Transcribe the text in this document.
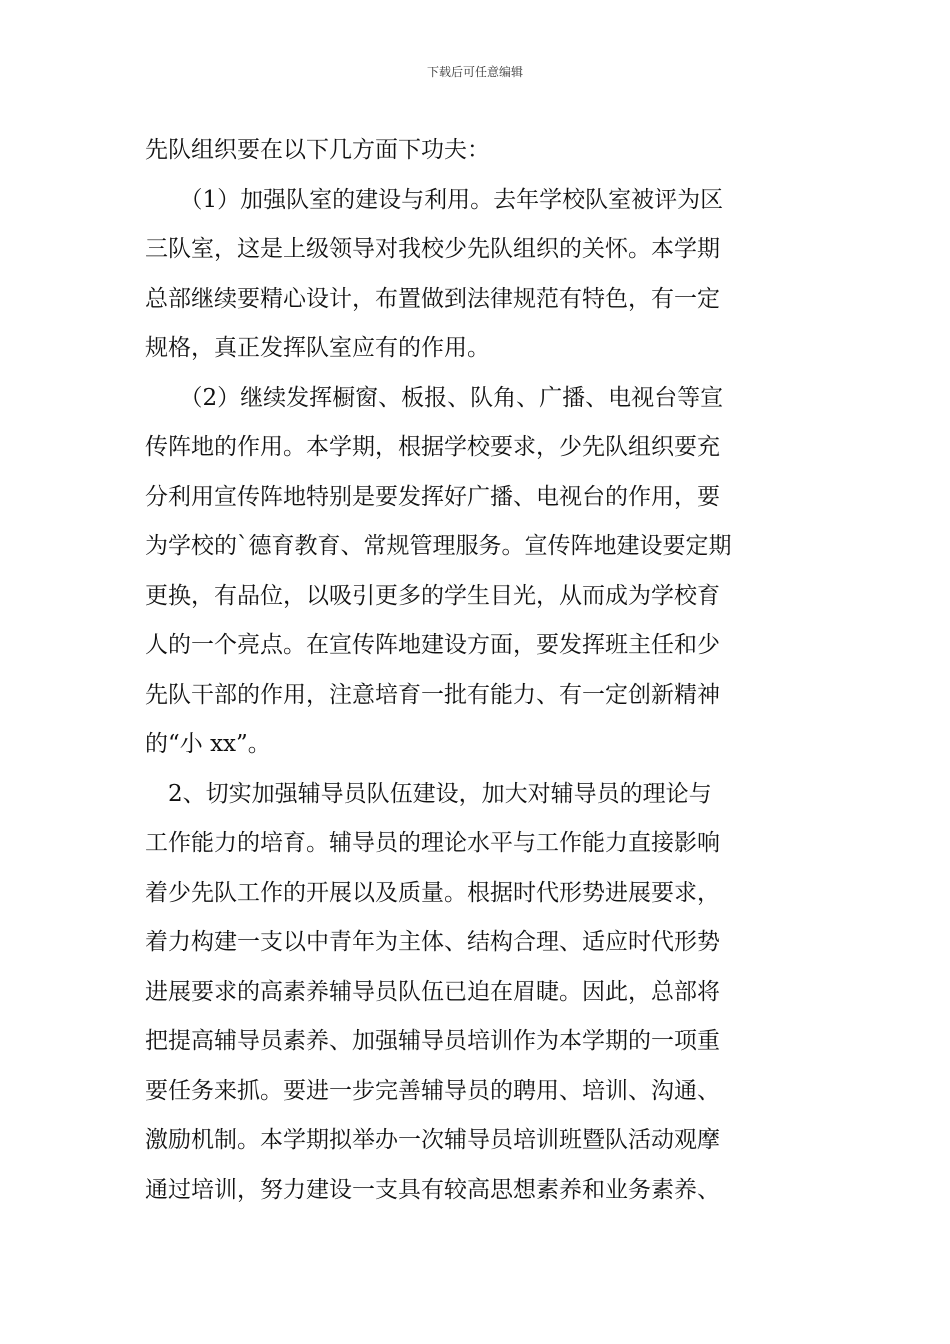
下载后可任意编辑
先队组织要在以下几方面下功夫：
　　（1）加强队室的建设与利用。去年学校队室被评为区
三队室，这是上级领导对我校少先队组织的关怀。本学期
总部继续要精心设计，布置做到法律规范有特色，有一定
规格，真正发挥队室应有的作用。
　　（2）继续发挥橱窗、板报、队角、广播、电视台等宣
传阵地的作用。本学期，根据学校要求，少先队组织要充
分利用宣传阵地特别是要发挥好广播、电视台的作用，要
为学校的`德育教育、常规管理服务。宣传阵地建设要定期
更换，有品位，以吸引更多的学生目光，从而成为学校育
人的一个亮点。在宣传阵地建设方面，要发挥班主任和少
先队干部的作用，注意培育一批有能力、有一定创新精神
的“小 xx”。
　2、切实加强辅导员队伍建设，加大对辅导员的理论与
工作能力的培育。辅导员的理论水平与工作能力直接影响
着少先队工作的开展以及质量。根据时代形势进展要求，
着力构建一支以中青年为主体、结构合理、适应时代形势
进展要求的高素养辅导员队伍已迫在眉睫。因此，总部将
把提高辅导员素养、加强辅导员培训作为本学期的一项重
要任务来抓。要进一步完善辅导员的聘用、培训、沟通、
激励机制。本学期拟举办一次辅导员培训班暨队活动观摩
通过培训，努力建设一支具有较高思想素养和业务素养、
